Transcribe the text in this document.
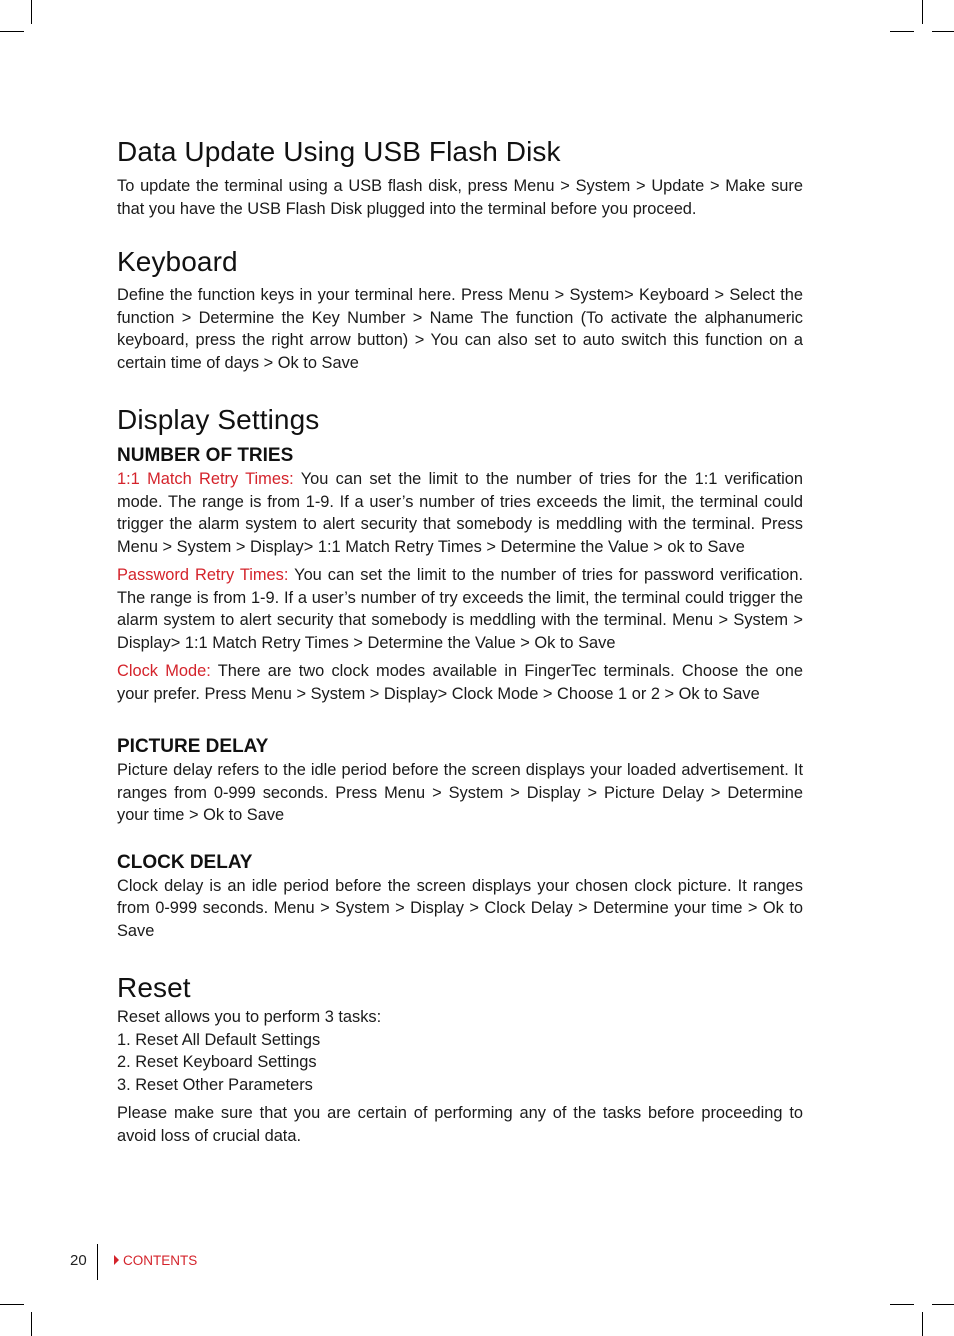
Data Update Using USB Flash Disk

To update the terminal using a USB flash disk, press Menu > System > Update > Make sure that you have the USB Flash Disk plugged into the terminal before you proceed.

Keyboard

Define the function keys in your terminal here. Press Menu > System> Keyboard > Select the function > Determine the Key Number > Name The function (To activate the alphanumeric keyboard, press the right arrow button) > You can also set to auto switch this function on a certain time of days > Ok to Save

Display Settings
NUMBER OF TRIES

1:1 Match Retry Times: You can set the limit to the number of tries for the 1:1 verification mode. The range is from 1-9. If a user’s number of tries exceeds the limit, the terminal could trigger the alarm system to alert security that somebody is meddling with the terminal. Press Menu > System > Display> 1:1 Match Retry Times > Determine the Value > ok to Save

Password Retry Times: You can set the limit to the number of tries for password verification. The range is from 1-9. If a user’s number of try exceeds the limit, the terminal could trigger the alarm system to alert security that somebody is meddling with the terminal. Menu > System > Display> 1:1 Match Retry Times > Determine the Value > Ok to Save

Clock Mode: There are two clock modes available in FingerTec terminals. Choose the one your prefer. Press Menu > System > Display> Clock Mode > Choose 1 or 2 > Ok to Save

PICTURE DELAY

Picture delay refers to the idle period before the screen displays your loaded advertisement. It ranges from 0-999 seconds. Press Menu > System > Display > Picture Delay > Determine your time > Ok to Save

CLOCK DELAY

Clock delay is an idle period before the screen displays your chosen clock picture. It ranges from 0-999 seconds. Menu > System > Display > Clock Delay > Determine your time > Ok to Save

Reset

Reset allows you to perform 3 tasks:

1. Reset All Default Settings

2. Reset Keyboard Settings

3. Reset Other Parameters

Please make sure that you are certain of performing any of the tasks before proceeding to avoid loss of crucial data.

20	CONTENTS
